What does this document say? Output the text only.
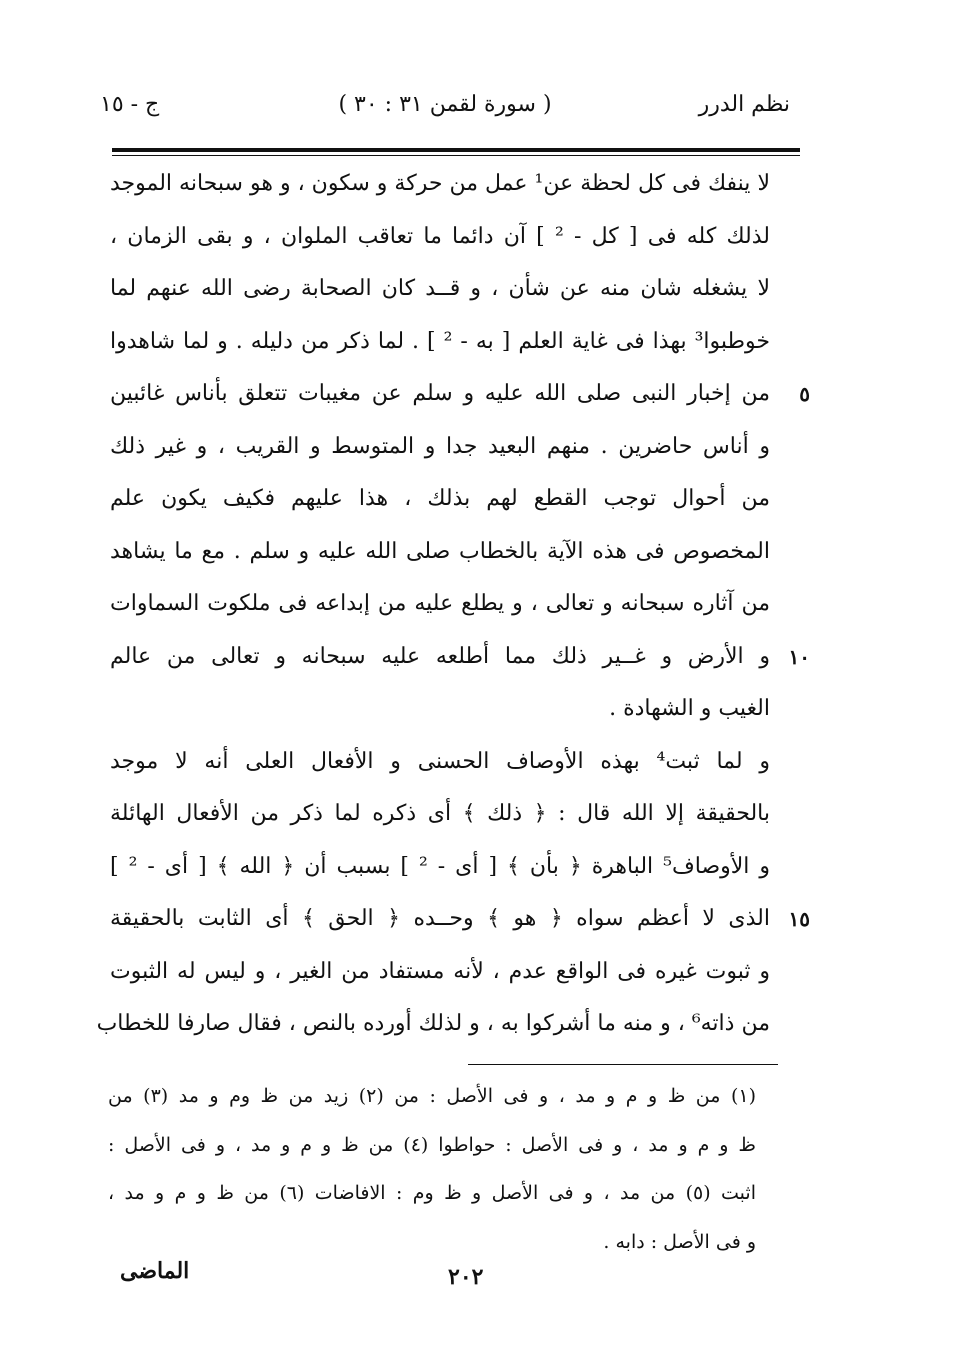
نظم الدرر
( سورة لقمن ٣١ : ٣٠ )
ج - ١٥
لا ينفك فى كل لحظة عن¹ عمل من حركة و سكون ، و هو سبحانه الموجد
لذلك كله فى [ كل - ² ] آن دائما ما تعاقب الملوان ، و بقى الزمان ،
لا يشغله شان منه عن شأن ، و قــد كان الصحابة رضى الله عنهم لما
خوطبوا³ بهذا فى غاية العلم [ به - ² ] . لما ذكر من دليله . و لما شاهدوا
من إخبار النبى صلى الله عليه و سلم عن مغيبات تتعلق بأناس غائبين ٥
و أناس حاضرين . منهم البعيد جدا و المتوسط و القريب ، و غير ذلك
من أحوال توجب القطع لهم بذلك ، هذا عليهم فكيف يكون علم
المخصوص فى هذه الآية بالخطاب صلى الله عليه و سلم . مع ما يشاهد
من آثاره سبحانه و تعالى ، و يطلع عليه من إبداعه فى ملكوت السماوات
و الأرض و غــير ذلك مما أطلعه عليه سبحانه و تعالى من عالم ١٠
الغيب و الشهادة .
و لما ثبت⁴ بهذه الأوصاف الحسنى و الأفعال العلى أنه لا موجد
بالحقيقة إلا الله قال : ﴿ ذلك ﴾ أى ذكره لما ذكر من الأفعال الهائلة
و الأوصاف⁵ الباهرة ﴿ بأن ﴾ [ أى - ² ] بسبب أن ﴿ الله ﴾ [ أى - ² ]
الذى لا أعظم سواه ﴿ هو ﴾ وحــده ﴿ الحق ﴾ أى الثابت بالحقيقة ١٥
و ثبوت غيره فى الواقع عدم ، لأنه مستفاد من الغير ، و ليس له الثبوت
من ذاته⁶ ، و منه ما أشركوا به ، و لذلك أورده بالنص ، فقال صارفا للخطاب
(١) من ظ و م و مد ، و فى الأصل : من (٢) زيد من ظ وم و مد (٣) من
ظ و م و مد ، و فى الأصل : حواطوا (٤) من ظ و م و مد ، و فى الأصل :
اثبت (٥) من مد ، و فى الأصل و ظ وم : الافاضات (٦) من ظ و م و مد ،
و فى الأصل : دابه .
الماضى	٢٠٢
